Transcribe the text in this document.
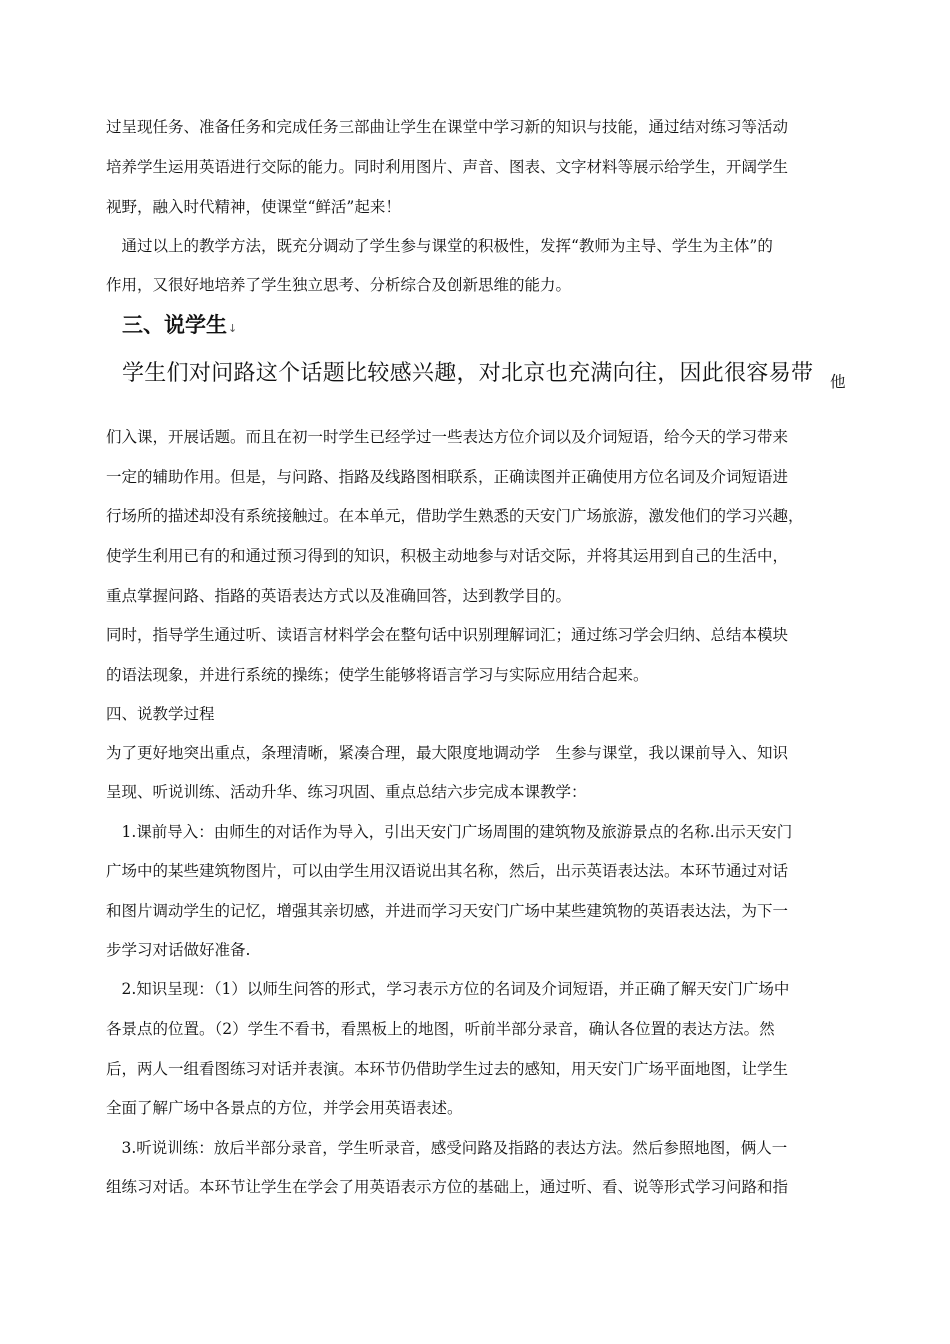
过呈现任务、准备任务和完成任务三部曲让学生在课堂中学习新的知识与技能，通过结对练习等活动
培养学生运用英语进行交际的能力。同时利用图片、声音、图表、文字材料等展示给学生，开阔学生
视野，融入时代精神，使课堂“鲜活”起来！
　通过以上的教学方法，既充分调动了学生参与课堂的积极性，发挥“教师为主导、学生为主体”的
作用，又很好地培养了学生独立思考、分析综合及创新思维的能力。
三、说学生↓
学生们对问路这个话题比较感兴趣，对北京也充满向往，因此很容易带 他
们入课，开展话题。而且在初一时学生已经学过一些表达方位介词以及介词短语，给今天的学习带来
一定的辅助作用。但是，与问路、指路及线路图相联系，正确读图并正确使用方位名词及介词短语进
行场所的描述却没有系统接触过。在本单元，借助学生熟悉的天安门广场旅游，激发他们的学习兴趣，
使学生利用已有的和通过预习得到的知识，积极主动地参与对话交际，并将其运用到自己的生活中，
重点掌握问路、指路的英语表达方式以及准确回答，达到教学目的。
同时，指导学生通过听、读语言材料学会在整句话中识别理解词汇；通过练习学会归纳、总结本模块
的语法现象，并进行系统的操练；使学生能够将语言学习与实际应用结合起来。
四、说教学过程
为了更好地突出重点，条理清晰，紧凑合理，最大限度地调动学　生参与课堂，我以课前导入、知识
呈现、听说训练、活动升华、练习巩固、重点总结六步完成本课教学：
　1.课前导入：由师生的对话作为导入，引出天安门广场周围的建筑物及旅游景点的名称.出示天安门
广场中的某些建筑物图片，可以由学生用汉语说出其名称，然后，出示英语表达法。本环节通过对话
和图片调动学生的记忆，增强其亲切感，并进而学习天安门广场中某些建筑物的英语表达法，为下一
步学习对话做好准备.
　2.知识呈现：（1）以师生问答的形式，学习表示方位的名词及介词短语，并正确了解天安门广场中
各景点的位置。（2）学生不看书，看黑板上的地图，听前半部分录音，确认各位置的表达方法。然
后，两人一组看图练习对话并表演。本环节仍借助学生过去的感知，用天安门广场平面地图，让学生
全面了解广场中各景点的方位，并学会用英语表述。
　3.听说训练：放后半部分录音，学生听录音，感受问路及指路的表达方法。然后参照地图，俩人一
组练习对话。本环节让学生在学会了用英语表示方位的基础上，通过听、看、说等形式学习问路和指
